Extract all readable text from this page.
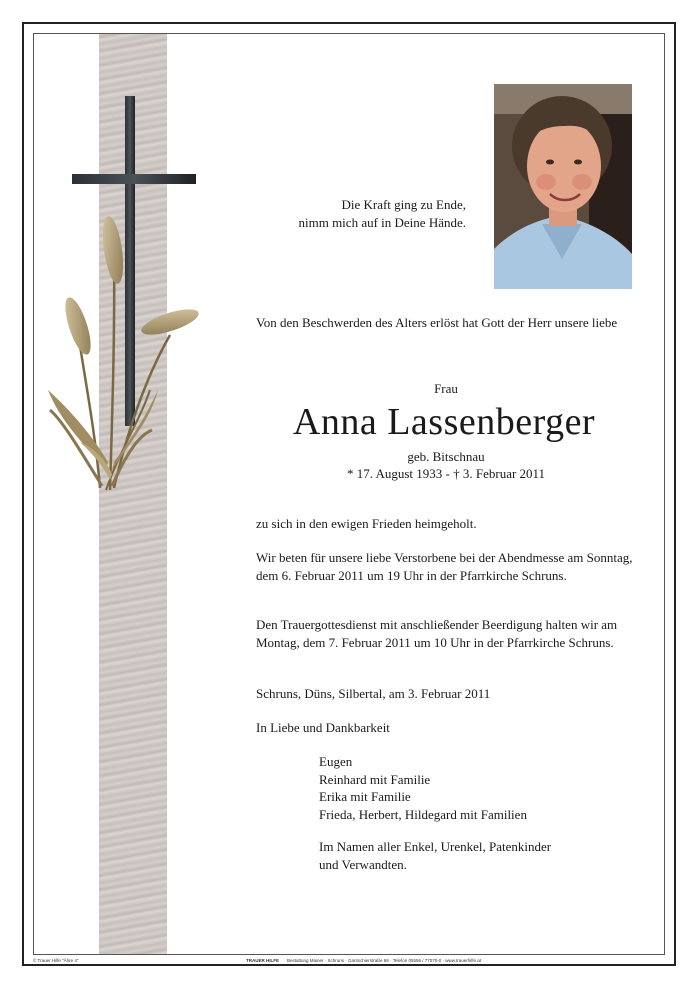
Die Kraft ging zu Ende,
nimm mich auf in Deine Hände.

Von den Beschwerden des Alters erlöst hat Gott der Herr unsere liebe

Frau

Anna Lassenberger

geb. Bitschnau

* 17. August 1933 - † 3. Februar 2011

zu sich in den ewigen Frieden heimgeholt.

Wir beten für unsere liebe Verstorbene bei der Abendmesse am Sonntag, dem 6. Februar 2011 um 19 Uhr in der Pfarrkirche Schruns.

Den Trauergottesdienst mit anschließender Beerdigung halten wir am Montag, dem 7. Februar 2011 um 10 Uhr in der Pfarrkirche Schruns.

Schruns, Düns, Silbertal, am 3. Februar 2011

In Liebe und Dankbarkeit

Eugen
Reinhard mit Familie
Erika mit Familie
Frieda, Herbert, Hildegard mit Familien
Im Namen aller Enkel, Urenkel, Patenkinder
und Verwandten.
© Trauer Hilfe "Ähre 4"	TRAUER HILFE Bestattung Mainer · Schruns · Gantschierstraße 68 · Telefon 05556 / 77070-0 · www.trauerhilfe.at
